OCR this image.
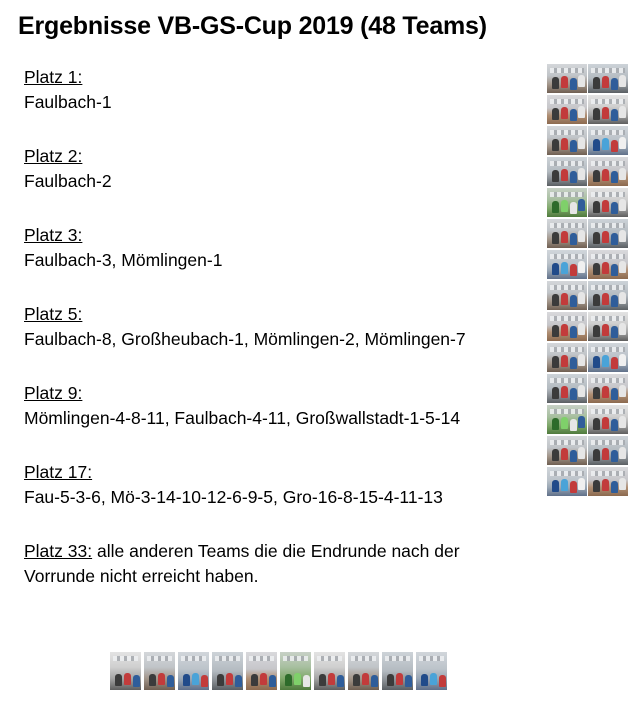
Ergebnisse VB-GS-Cup 2019 (48 Teams)
Platz 1:
Faulbach-1
Platz 2:
Faulbach-2
Platz 3:
Faulbach-3, Mömlingen-1
Platz 5:
Faulbach-8, Großheubach-1, Mömlingen-2, Mömlingen-7
Platz 9:
Mömlingen-4-8-11, Faulbach-4-11, Großwallstadt-1-5-14
Platz 17:
Fau-5-3-6, Mö-3-14-10-12-6-9-5, Gro-16-8-15-4-11-13
Platz 33: alle anderen Teams die die Endrunde nach der Vorrunde nicht erreicht haben.
